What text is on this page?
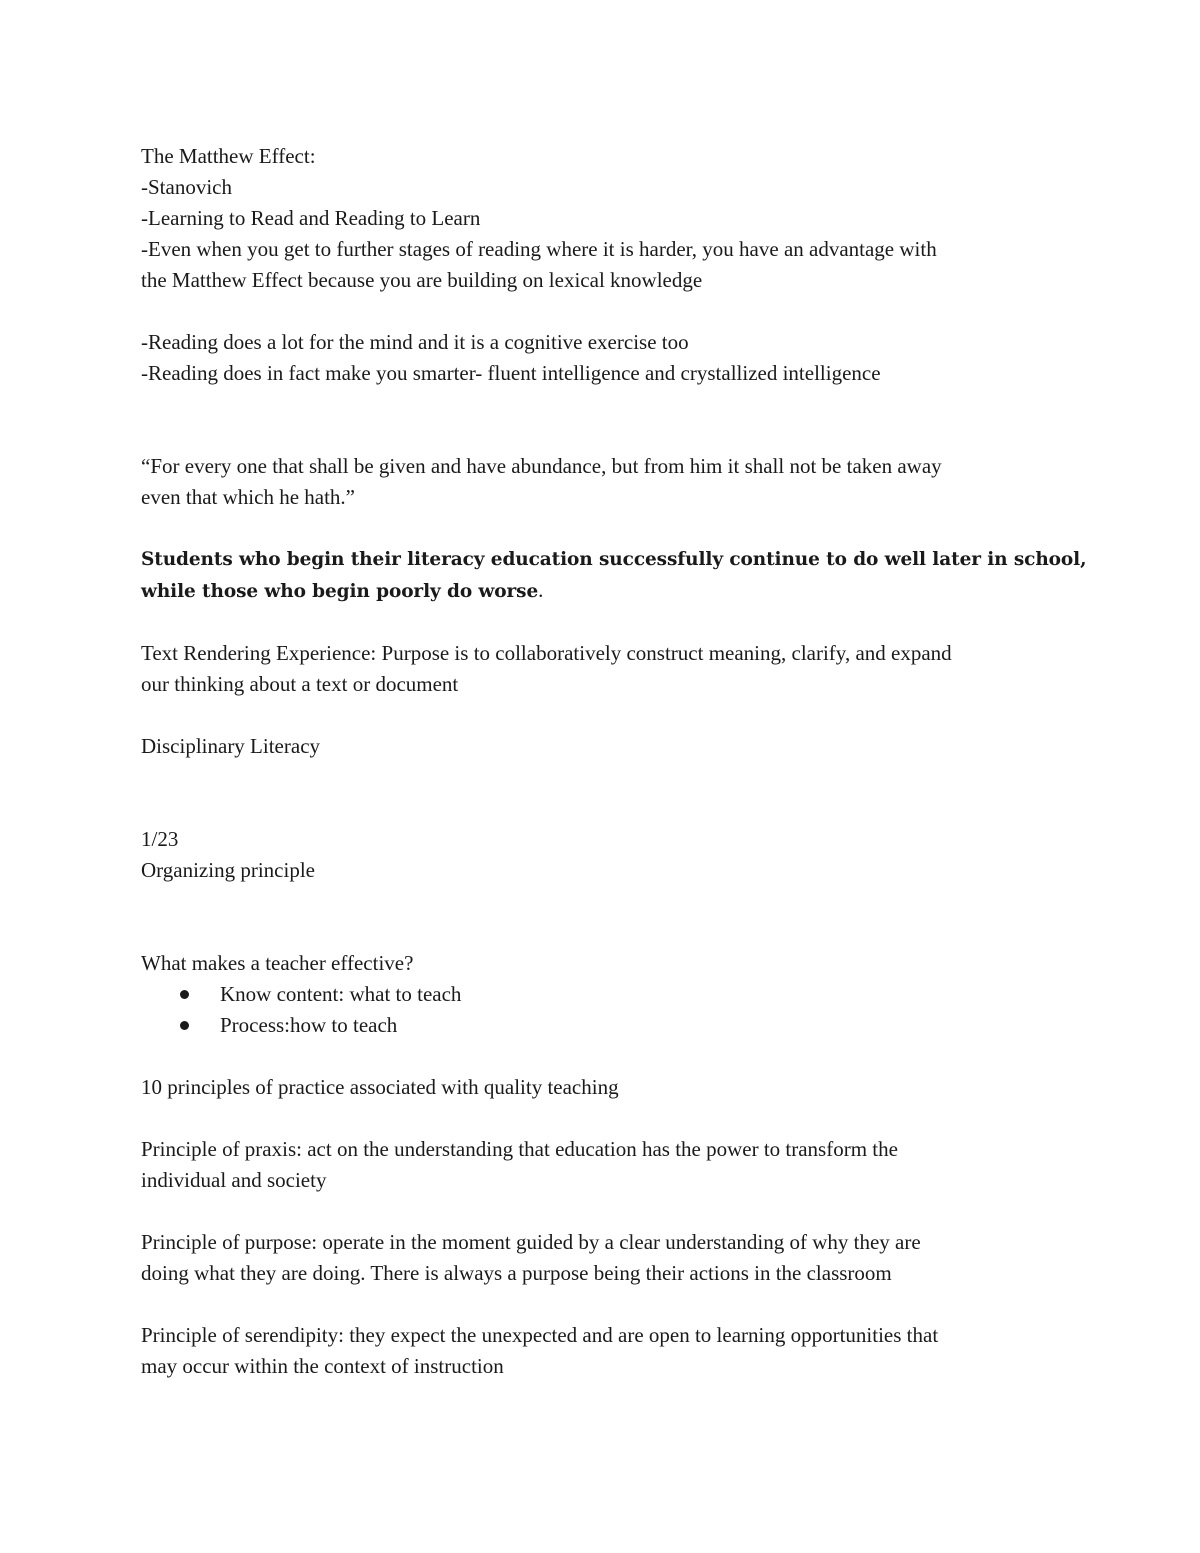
The Matthew Effect:
-Stanovich
-Learning to Read and Reading to Learn
-Even when you get to further stages of reading where it is harder, you have an advantage with
the Matthew Effect because you are building on lexical knowledge
-Reading does a lot for the mind and it is a cognitive exercise too
-Reading does in fact make you smarter- fluent intelligence and crystallized intelligence
“For every one that shall be given and have abundance, but from him it shall not be taken away
even that which he hath.”
Students who begin their literacy education successfully continue to do well later in school,
while those who begin poorly do worse.
Text Rendering Experience: Purpose is to collaboratively construct meaning, clarify, and expand
our thinking about a text or document
Disciplinary Literacy
1/23
Organizing principle
What makes a teacher effective?
Know content: what to teach
Process:how to teach
10 principles of practice associated with quality teaching
Principle of praxis: act on the understanding that education has the power to transform the
individual and society
Principle of purpose: operate in the moment guided by a clear understanding of why they are
doing what they are doing. There is always a purpose being their actions in the classroom
Principle of serendipity: they expect the unexpected and are open to learning opportunities that
may occur within the context of instruction
